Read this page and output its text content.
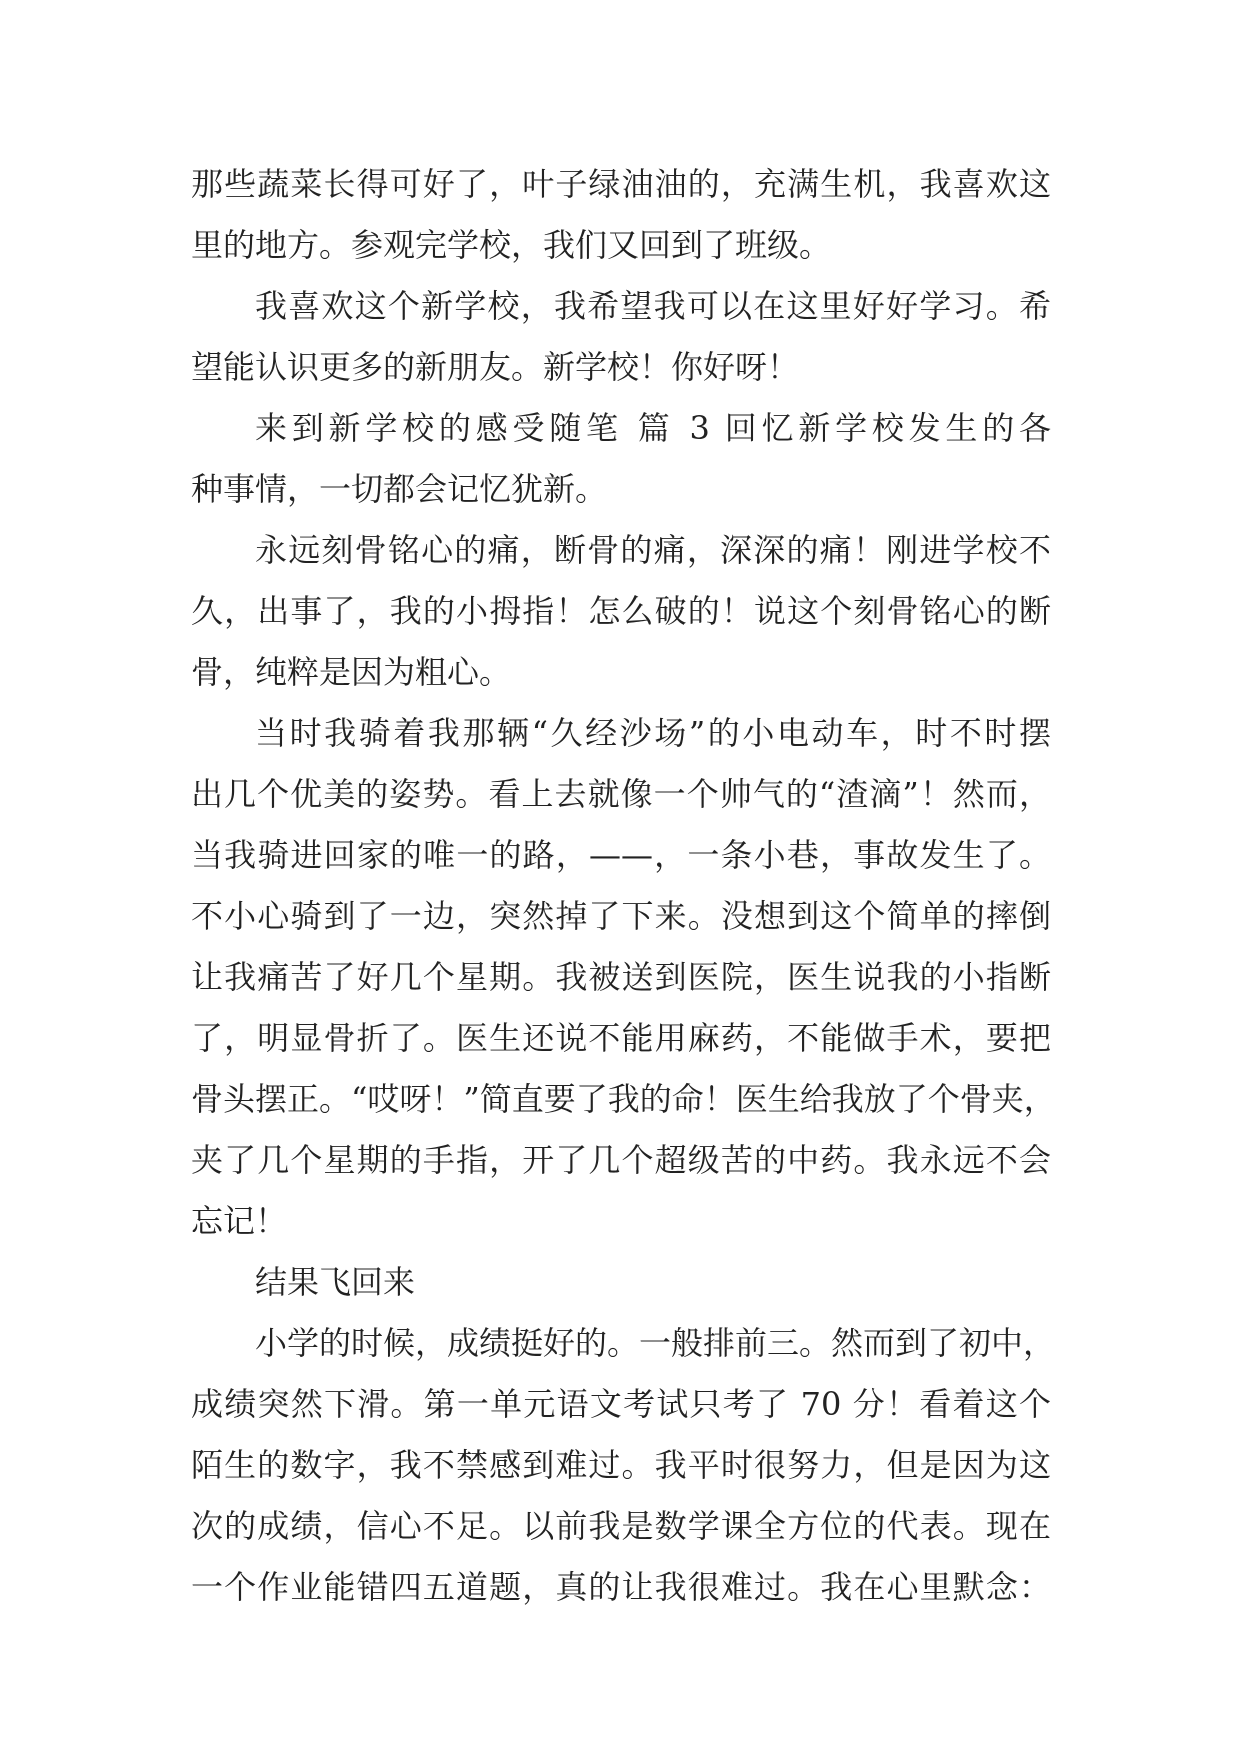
那些蔬菜长得可好了，叶子绿油油的，充满生机，我喜欢这
里的地方。参观完学校，我们又回到了班级。
我喜欢这个新学校，我希望我可以在这里好好学习。希
望能认识更多的新朋友。新学校！你好呀！
来到新学校的感受随笔 篇 3 回忆新学校发生的各
种事情，一切都会记忆犹新。
永远刻骨铭心的痛，断骨的痛，深深的痛！刚进学校不
久，出事了，我的小拇指！怎么破的！说这个刻骨铭心的断
骨，纯粹是因为粗心。
当时我骑着我那辆“久经沙场”的小电动车，时不时摆
出几个优美的姿势。看上去就像一个帅气的“渣滴”！然而，
当我骑进回家的唯一的路，——，一条小巷，事故发生了。
不小心骑到了一边，突然掉了下来。没想到这个简单的摔倒
让我痛苦了好几个星期。我被送到医院，医生说我的小指断
了，明显骨折了。医生还说不能用麻药，不能做手术，要把
骨头摆正。“哎呀！”简直要了我的命！医生给我放了个骨夹，
夹了几个星期的手指，开了几个超级苦的中药。我永远不会
忘记！
结果飞回来
小学的时候，成绩挺好的。一般排前三。然而到了初中，
成绩突然下滑。第一单元语文考试只考了 70 分！看着这个
陌生的数字，我不禁感到难过。我平时很努力，但是因为这
次的成绩，信心不足。以前我是数学课全方位的代表。现在
一个作业能错四五道题，真的让我很难过。我在心里默念：
